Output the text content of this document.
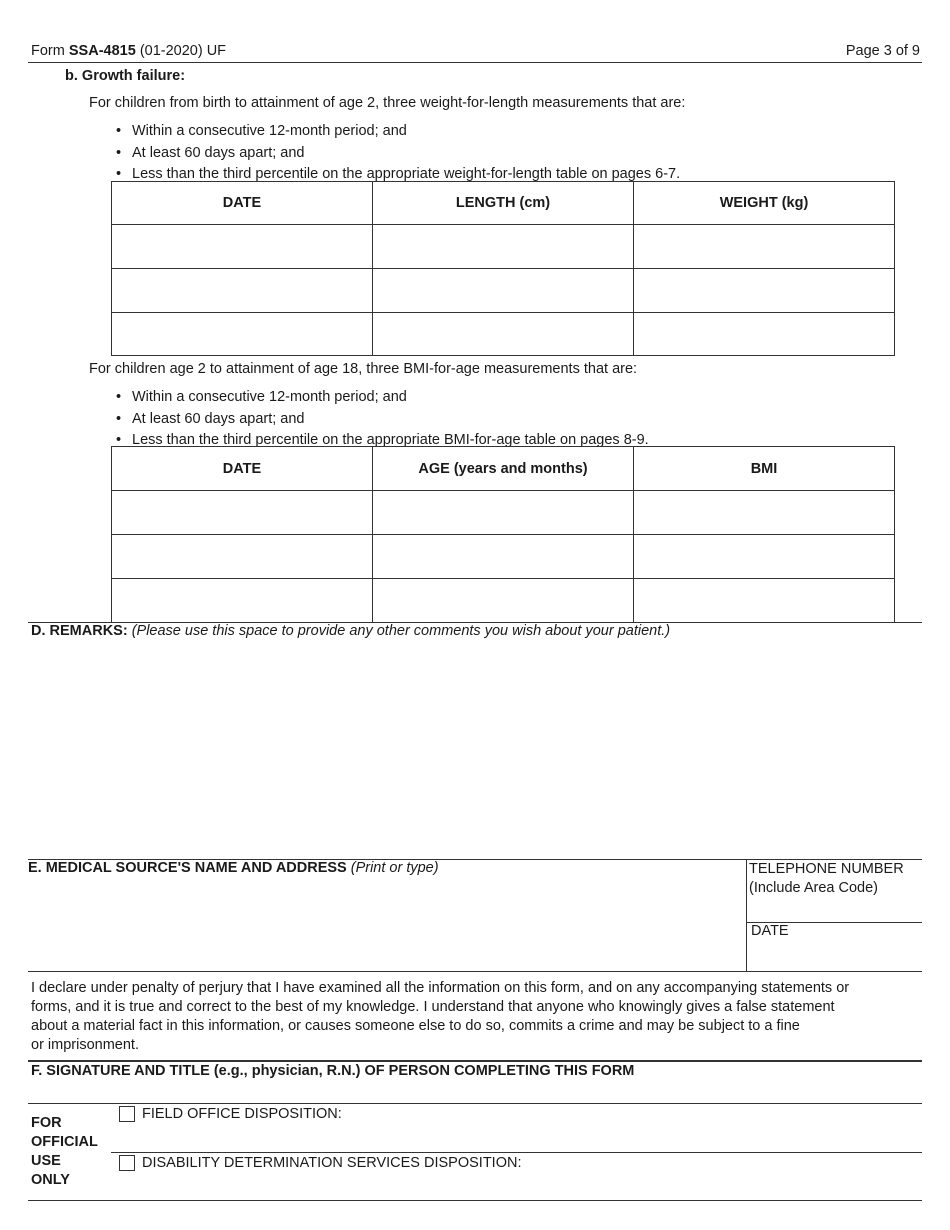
Form SSA-4815 (01-2020) UF	Page 3 of 9
b. Growth failure:
For children from birth to attainment of age 2, three weight-for-length measurements that are:
• Within a consecutive 12-month period; and
• At least 60 days apart; and
• Less than the third percentile on the appropriate weight-for-length table on pages 6-7.
DATE	LENGTH (cm)	WEIGHT (kg)

For children age 2 to attainment of age 18, three BMI-for-age measurements that are:
• Within a consecutive 12-month period; and
• At least 60 days apart; and
• Less than the third percentile on the appropriate BMI-for-age table on pages 8-9.
DATE	AGE (years and months)	BMI

D. REMARKS: (Please use this space to provide any other comments you wish about your patient.)
E. MEDICAL SOURCE'S NAME AND ADDRESS (Print or type)	TELEPHONE NUMBER
(Include Area Code)
DATE
I declare under penalty of perjury that I have examined all the information on this form, and on any accompanying statements or
forms, and it is true and correct to the best of my knowledge. I understand that anyone who knowingly gives a false statement
about a material fact in this information, or causes someone else to do so, commits a crime and may be subject to a fine
or imprisonment.
F. SIGNATURE AND TITLE (e.g., physician, R.N.) OF PERSON COMPLETING THIS FORM
FOR
OFFICIAL
USE
ONLY
FIELD OFFICE DISPOSITION:
DISABILITY DETERMINATION SERVICES DISPOSITION:
